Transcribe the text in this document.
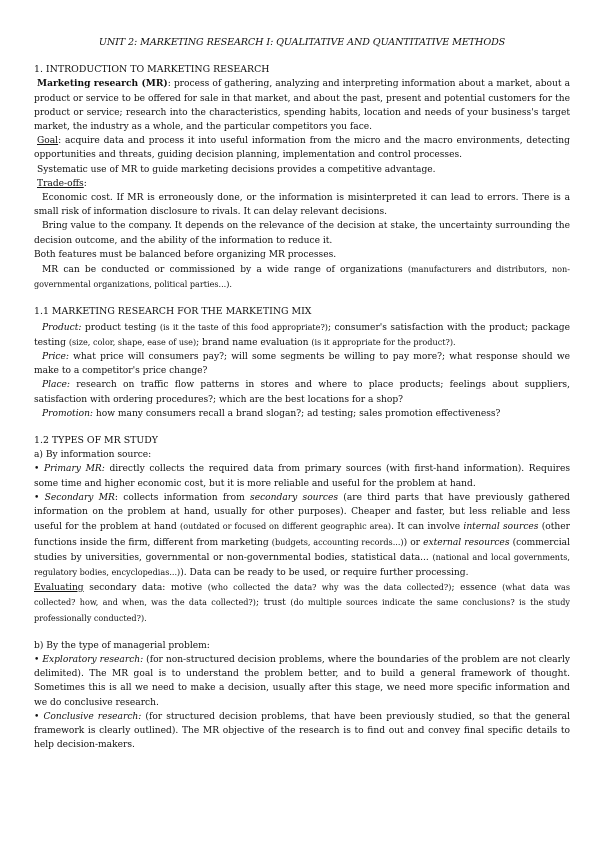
UNIT 2: MARKETING RESEARCH I: QUALITATIVE AND QUANTITATIVE METHODS

1. INTRODUCTION TO MARKETING RESEARCH

Marketing research (MR): process of gathering, analyzing and interpreting information about a market, about a product or service to be offered for sale in that market, and about the past, present and potential customers for the product or service; research into the characteristics, spending habits, location and needs of your business's target market, the industry as a whole, and the particular competitors you face.

Goal: acquire data and process it into useful information from the micro and the macro environments, detecting opportunities and threats, guiding decision planning, implementation and control processes.

Systematic use of MR to guide marketing decisions provides a competitive advantage.

Trade-offs:

Economic cost. If MR is erroneously done, or the information is misinterpreted it can lead to errors. There is a small risk of information disclosure to rivals. It can delay relevant decisions.

Bring value to the company. It depends on the relevance of the decision at stake, the uncertainty surrounding the decision outcome, and the ability of the information to reduce it.

Both features must be balanced before organizing MR processes.

MR can be conducted or commissioned by a wide range of organizations (manufacturers and distributors, non-governmental organizations, political parties...).

1.1 MARKETING RESEARCH FOR THE MARKETING MIX

Product: product testing (is it the taste of this food appropriate?); consumer's satisfaction with the product; package testing (size, color, shape, ease of use); brand name evaluation (is it appropriate for the product?).

Price: what price will consumers pay?; will some segments be willing to pay more?; what response should we make to a competitor's price change?

Place: research on traffic flow patterns in stores and where to place products; feelings about suppliers, satisfaction with ordering procedures?; which are the best locations for a shop?

Promotion: how many consumers recall a brand slogan?; ad testing; sales promotion effectiveness?

1.2 TYPES OF MR STUDY

a) By information source:

• Primary MR: directly collects the required data from primary sources (with first-hand information). Requires some time and higher economic cost, but it is more reliable and useful for the problem at hand.

• Secondary MR: collects information from secondary sources (are third parts that have previously gathered information on the problem at hand, usually for other purposes). Cheaper and faster, but less reliable and less useful for the problem at hand (outdated or focused on different geographic area). It can involve internal sources (other functions inside the firm, different from marketing (budgets, accounting records...)) or external resources (commercial studies by universities, governmental or non-governmental bodies, statistical data... (national and local governments, regulatory bodies, encyclopedias...)). Data can be ready to be used, or require further processing.

Evaluating secondary data: motive (who collected the data? why was the data collected?); essence (what data was collected? how, and when, was the data collected?); trust (do multiple sources indicate the same conclusions? is the study professionally conducted?).

b) By the type of managerial problem:

• Exploratory research: (for non-structured decision problems, where the boundaries of the problem are not clearly delimited). The MR goal is to understand the problem better, and to build a general framework of thought. Sometimes this is all we need to make a decision, usually after this stage, we need more specific information and we do conclusive research.

• Conclusive research: (for structured decision problems, that have been previously studied, so that the general framework is clearly outlined). The MR objective of the research is to find out and convey final specific details to help decision-makers.
